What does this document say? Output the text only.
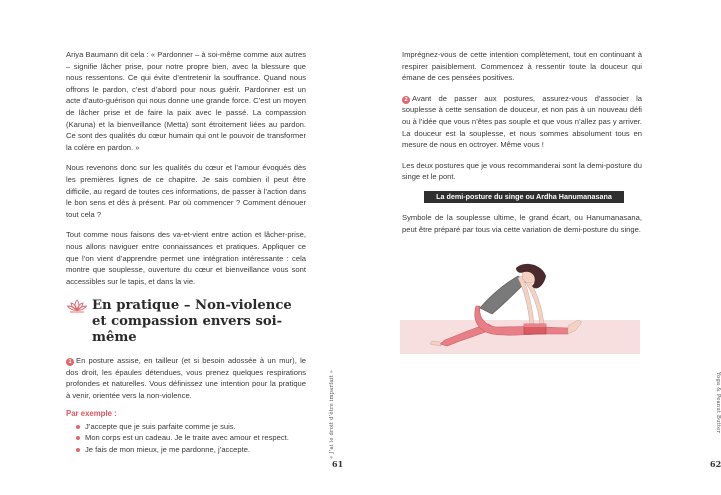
Ariya Baumann dit cela : « Pardonner – à soi-même comme aux autres – signifie lâcher prise, pour notre propre bien, avec la blessure que nous ressentons. Ce qui évite d’entretenir la souffrance. Quand nous offrons le pardon, c’est d’abord pour nous guérir. Pardonner est un acte d’auto-guérison qui nous donne une grande force. C’est un moyen de lâcher prise et de faire la paix avec le passé. La compassion (Karuna) et la bienveillance (Metta) sont étroitement liées au pardon. Ce sont des qualités du cœur humain qui ont le pouvoir de transformer la colère en pardon. »

Nous revenons donc sur les qualités du cœur et l’amour évoqués dès les premières lignes de ce chapitre. Je sais combien il peut être difficile, au regard de toutes ces informations, de passer à l’action dans le bon sens et dès à présent. Par où commencer ? Comment dénouer tout cela ?

Tout comme nous faisons des va-et-vient entre action et lâcher-prise, nous allons naviguer entre connaissances et pratiques. Appliquer ce que l’on vient d’apprendre permet une intégration intéressante : cela montre que souplesse, ouverture du cœur et bienveillance vous sont accessibles sur le tapis, et dans la vie.

En pratique – Non-violence
et compassion envers soi-même

1 En posture assise, en tailleur (et si besoin adossée à un mur), le dos droit, les épaules détendues, vous prenez quelques respirations profondes et naturelles. Vous définissez une intention pour la pratique à venir, orientée vers la non-violence.

Par exemple :
J’accepte que je suis parfaite comme je suis.
Mon corps est un cadeau. Je le traite avec amour et respect.
Je fais de mon mieux, je me pardonne, j’accepte.	« J’ai le droit d’être imparfait »
61

Imprégnez-vous de cette intention complètement, tout en continuant à respirer paisiblement. Commencez à ressentir toute la douceur qui émane de ces pensées positives.

2 Avant de passer aux postures, assurez-vous d’associer la souplesse à cette sensation de douceur, et non pas à un nouveau défi ou à l’idée que vous n’êtes pas souple et que vous n’allez pas y arriver. La douceur est la souplesse, et nous sommes absolument tous en mesure de nous en octroyer. Même vous !

Les deux postures que je vous recommanderai sont la demi-posture du singe et le pont.

La demi-posture du singe ou Ardha Hanumanasana

Symbole de la souplesse ultime, le grand écart, ou Hanumanasana, peut être préparé par tous via cette variation de demi-posture du singe.

Yoga & Peanut Butter
62
